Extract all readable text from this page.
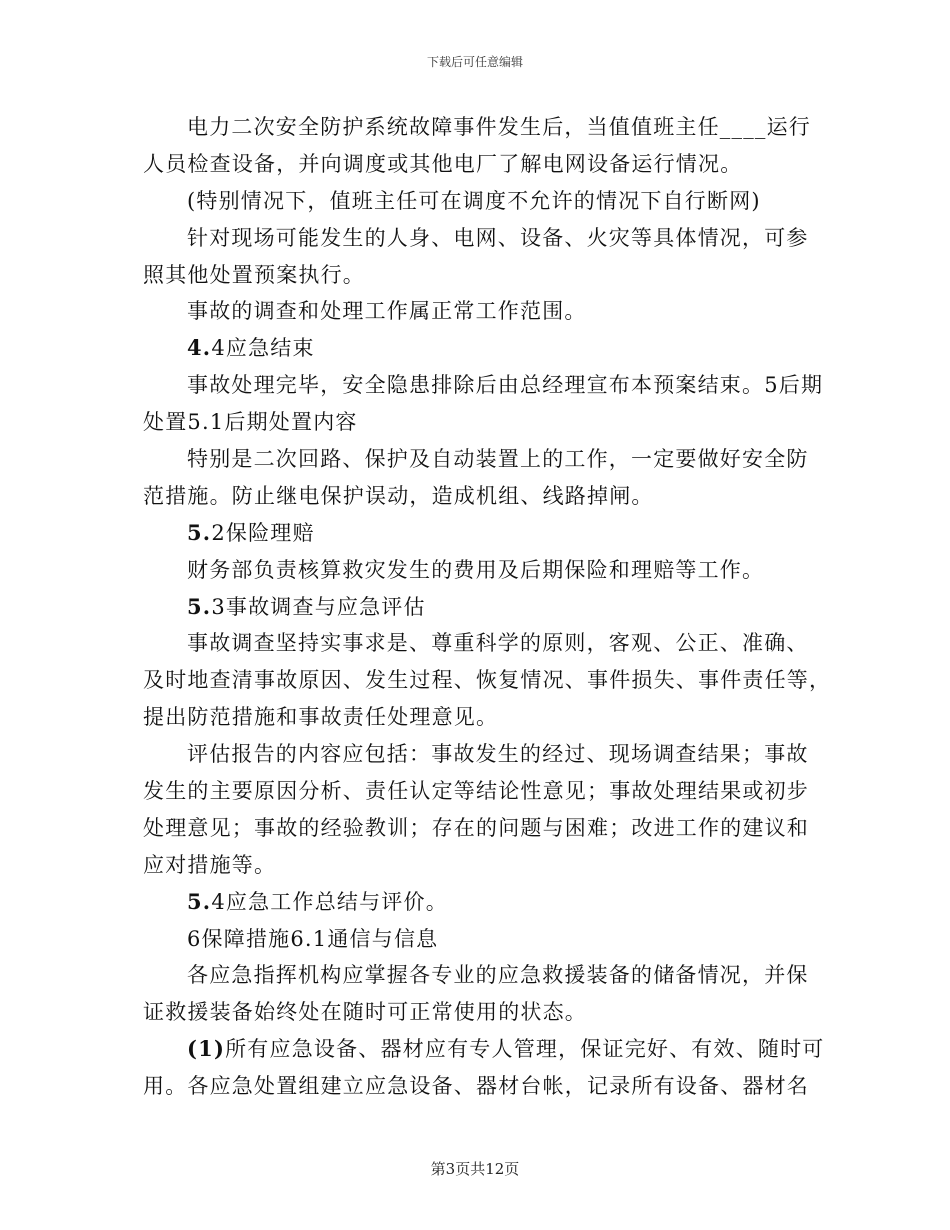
下载后可任意编辑
电力二次安全防护系统故障事件发生后，当值值班主任____运行
人员检查设备，并向调度或其他电厂了解电网设备运行情况。
(特别情况下，值班主任可在调度不允许的情况下自行断网)
针对现场可能发生的人身、电网、设备、火灾等具体情况，可参
照其他处置预案执行。
事故的调查和处理工作属正常工作范围。
4.4应急结束
事故处理完毕，安全隐患排除后由总经理宣布本预案结束。5后期
处置5.1后期处置内容
特别是二次回路、保护及自动装置上的工作，一定要做好安全防
范措施。防止继电保护误动，造成机组、线路掉闸。
5.2保险理赔
财务部负责核算救灾发生的费用及后期保险和理赔等工作。
5.3事故调查与应急评估
事故调查坚持实事求是、尊重科学的原则，客观、公正、准确、
及时地查清事故原因、发生过程、恢复情况、事件损失、事件责任等，
提出防范措施和事故责任处理意见。
评估报告的内容应包括：事故发生的经过、现场调查结果；事故
发生的主要原因分析、责任认定等结论性意见；事故处理结果或初步
处理意见；事故的经验教训；存在的问题与困难；改进工作的建议和
应对措施等。
5.4应急工作总结与评价。
6保障措施6.1通信与信息
各应急指挥机构应掌握各专业的应急救援装备的储备情况，并保
证救援装备始终处在随时可正常使用的状态。
(1)所有应急设备、器材应有专人管理，保证完好、有效、随时可
用。各应急处置组建立应急设备、器材台帐，记录所有设备、器材名
第3页共12页
